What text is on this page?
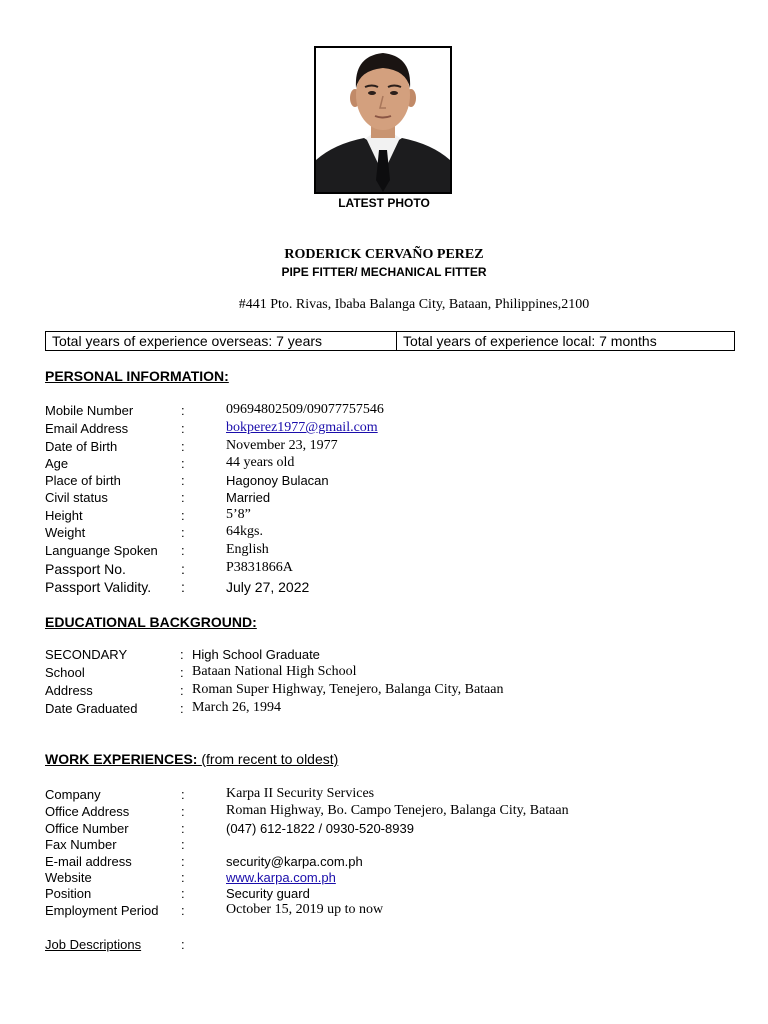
LATEST PHOTO
RODERICK CERVAÑO PEREZ
PIPE FITTER/ MECHANICAL FITTER
#441 Pto. Rivas, Ibaba Balanga City, Bataan, Philippines,2100
Total years of experience overseas: 7 years	Total years of experience local: 7 months
PERSONAL INFORMATION:
Mobile Number	:	09694802509/09077757546
Email Address	:	bokperez1977@gmail.com
Date of Birth	:	November 23, 1977
Age	:	44 years old
Place of birth	:	Hagonoy Bulacan
Civil status	:	Married
Height	:	5’8”
Weight	:	64kgs.
Languange Spoken :	English
Passport No.	:	P3831866A
Passport Validity. :	July 27, 2022
EDUCATIONAL BACKGROUND:
SECONDARY	: High School Graduate
School	: Bataan National High School
Address	: Roman Super Highway, Tenejero, Balanga City, Bataan
Date Graduated	: March 26, 1994
WORK EXPERIENCES: (from recent to oldest)
Company	:	Karpa II Security Services
Office Address	:	Roman Highway, Bo. Campo Tenejero, Balanga City, Bataan
Office Number	:	(047) 612-1822 / 0930-520-8939
Fax Number	:
E-mail address	:	security@karpa.com.ph
Website	:	www.karpa.com.ph
Position	:	Security guard
Employment Period :	October 15, 2019 up to now
Job Descriptions	:
